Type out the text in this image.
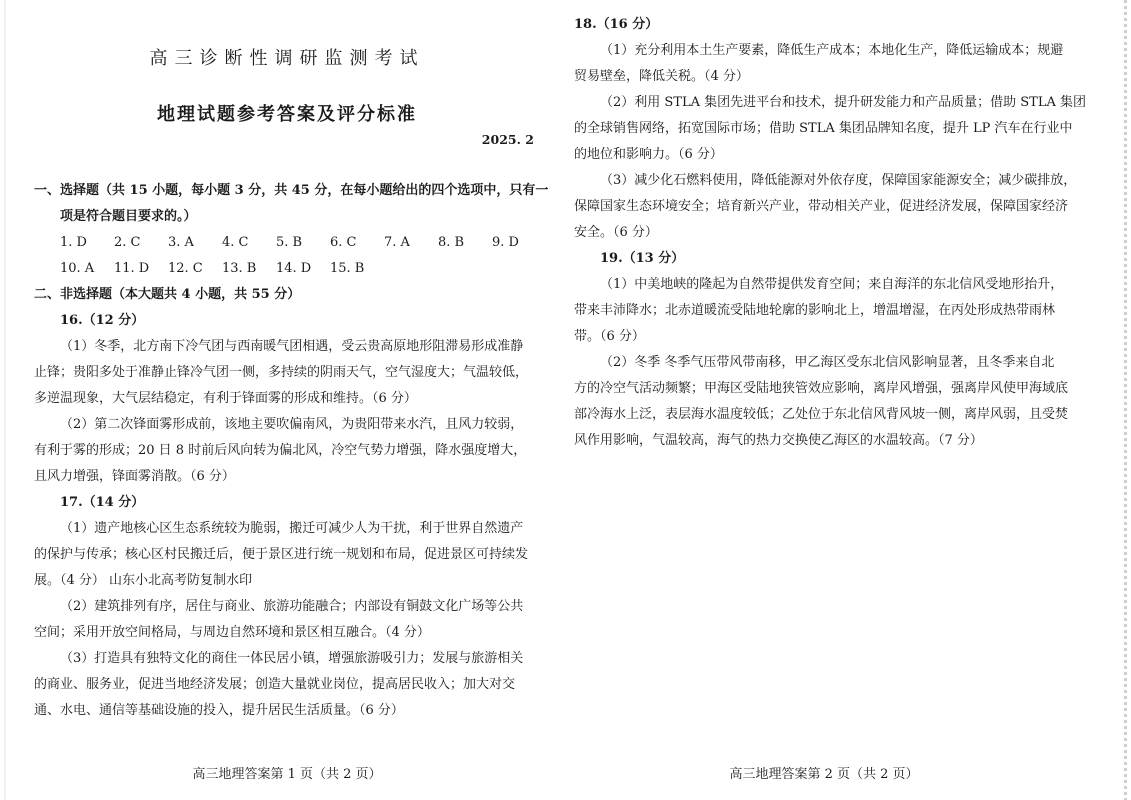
高三诊断性调研监测考试
地理试题参考答案及评分标准
2025. 2
一、选择题（共 15 小题，每小题 3 分，共 45 分，在每小题给出的四个选项中，只有一
项是符合题目要求的。）
1. D 2. C 3. A 4. C 5. B 6. C 7. A 8. B 9. D 10. A 11. D 12. C 13. B 14. D 15. B
二、非选择题（本大题共 4 小题，共 55 分）
16.（12 分）
（1）冬季，北方南下冷气团与西南暖气团相遇，受云贵高原地形阻滞易形成准静
止锋；贵阳多处于准静止锋冷气团一侧，多持续的阴雨天气，空气湿度大；气温较低，
多逆温现象，大气层结稳定，有利于锋面雾的形成和维持。（6 分）
（2）第二次锋面雾形成前，该地主要吹偏南风，为贵阳带来水汽，且风力较弱，
有利于雾的形成；20 日 8 时前后风向转为偏北风，冷空气势力增强，降水强度增大，
且风力增强，锋面雾消散。（6 分）
17.（14 分）
（1）遗产地核心区生态系统较为脆弱，搬迁可减少人为干扰，利于世界自然遗产
的保护与传承；核心区村民搬迁后，便于景区进行统一规划和布局，促进景区可持续发
展。（4 分） 山东小北高考防复制水印
（2）建筑排列有序，居住与商业、旅游功能融合；内部设有铜鼓文化广场等公共
空间；采用开放空间格局，与周边自然环境和景区相互融合。（4 分）
（3）打造具有独特文化的商住一体民居小镇，增强旅游吸引力；发展与旅游相关
的商业、服务业，促进当地经济发展；创造大量就业岗位，提高居民收入；加大对交
通、水电、通信等基础设施的投入，提升居民生活质量。（6 分）
高三地理答案第 1 页（共 2 页）
18.（16 分）
（1）充分利用本土生产要素，降低生产成本；本地化生产，降低运输成本；规避
贸易壁垒，降低关税。（4 分）
（2）利用 STLA 集团先进平台和技术，提升研发能力和产品质量；借助 STLA 集团
的全球销售网络，拓宽国际市场；借助 STLA 集团品牌知名度，提升 LP 汽车在行业中
的地位和影响力。（6 分）
（3）减少化石燃料使用，降低能源对外依存度，保障国家能源安全；减少碳排放，
保障国家生态环境安全；培育新兴产业，带动相关产业，促进经济发展，保障国家经济
安全。（6 分）
19.（13 分）
（1）中美地峡的隆起为自然带提供发育空间；来自海洋的东北信风受地形抬升，
带来丰沛降水；北赤道暖流受陆地轮廓的影响北上，增温增湿，在丙处形成热带雨林
带。（6 分）
（2）冬季 冬季气压带风带南移，甲乙海区受东北信风影响显著，且冬季来自北
方的冷空气活动频繁；甲海区受陆地狭管效应影响，离岸风增强，强离岸风使甲海域底
部冷海水上泛，表层海水温度较低；乙处位于东北信风背风坡一侧，离岸风弱，且受焚
风作用影响，气温较高，海气的热力交换使乙海区的水温较高。（7 分）
高三地理答案第 2 页（共 2 页）
